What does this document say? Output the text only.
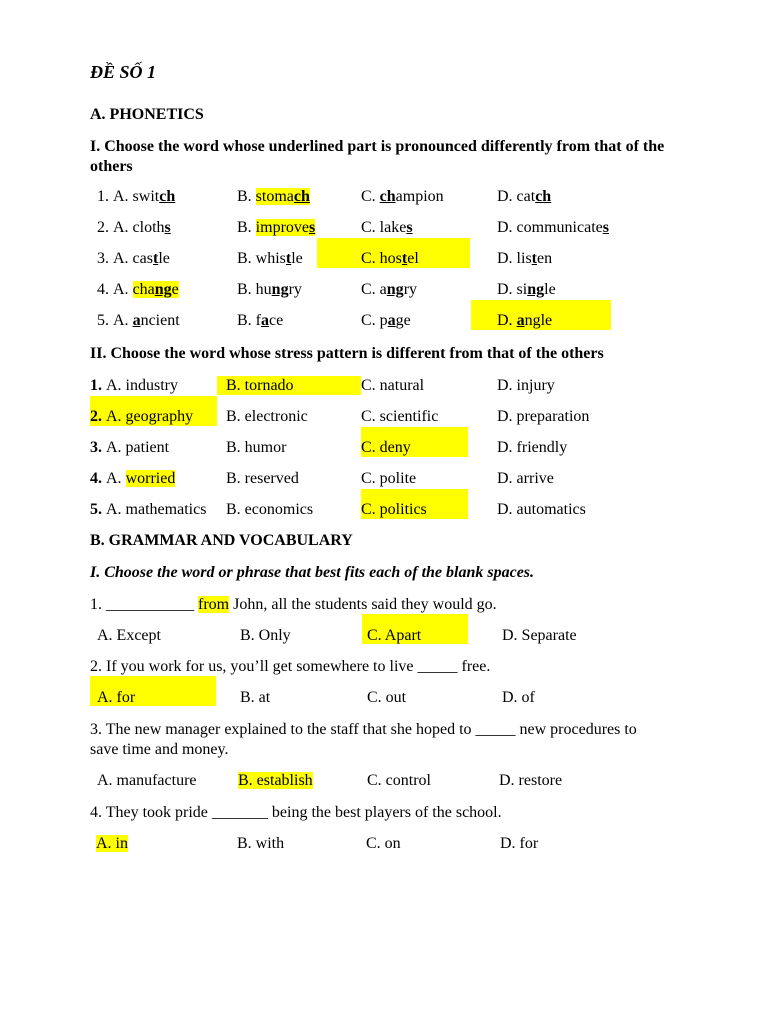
ĐỀ SỐ 1
A. PHONETICS
I. Choose the word whose underlined part is pronounced differently from that of the
others
1. A. switch	B. stomach	C. champion	D. catch
2. A. cloths	B. improves	C. lakes	D. communicates
3. A. castle	B. whistle	C. hostel	D. listen
4. A. change	B. hungry	C. angry	D. single
5. A. ancient	B. face	C. page	D. angle
II. Choose the word whose stress pattern is different from that of the others
1. A. industry	B. tornado	C. natural	D. injury
2. A. geography B. electronic	C. scientific	D. preparation
3. A. patient	B. humor	C. deny	D. friendly
4. A. worried	B. reserved	C. polite	D. arrive
5. A. mathematics B. economics	C. politics	D. automatics
B. GRAMMAR AND VOCABULARY
I. Choose the word or phrase that best fits each of the blank spaces.
1. ___________ from John, all the students said they would go.
A. Except	B. Only	C. Apart	D. Separate
2. If you work for us, you’ll get somewhere to live _____ free.
A. for	B. at	C. out	D. of
3. The new manager explained to the staff that she hoped to _____ new procedures to
save time and money.
A. manufacture	B. establish	C. control	D. restore
4. They took pride _______ being the best players of the school.
A. in	B. with	C. on	D. for
